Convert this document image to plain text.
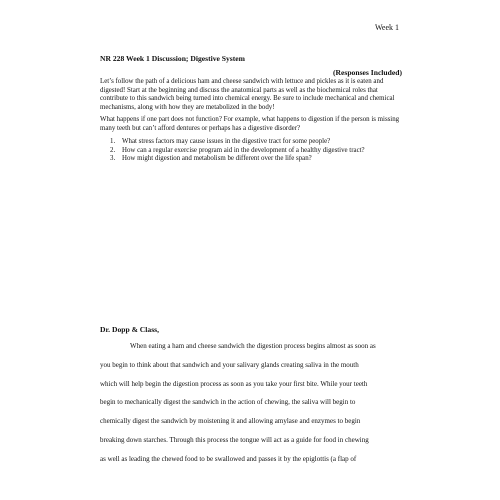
Week 1

NR 228 Week 1 Discussion; Digestive System

(Responses Included)

Let’s follow the path of a delicious ham and cheese sandwich with lettuce and pickles as it is eaten and digested! Start at the beginning and discuss the anatomical parts as well as the biochemical roles that contribute to this sandwich being turned into chemical energy. Be sure to include mechanical and chemical mechanisms, along with how they are metabolized in the body!

What happens if one part does not function? For example, what happens to digestion if the person is missing many teeth but can’t afford dentures or perhaps has a digestive disorder?

1. What stress factors may cause issues in the digestive tract for some people?
2. How can a regular exercise program aid in the development of a healthy digestive tract?
3. How might digestion and metabolism be different over the life span?

Dr. Dopp & Class,

When eating a ham and cheese sandwich the digestion process begins almost as soon as
you begin to think about that sandwich and your salivary glands creating saliva in the mouth
which will help begin the digestion process as soon as you take your first bite. While your teeth
begin to mechanically digest the sandwich in the action of chewing, the saliva will begin to
chemically digest the sandwich by moistening it and allowing amylase and enzymes to begin
breaking down starches. Through this process the tongue will act as a guide for food in chewing
as well as leading the chewed food to be swallowed and passes it by the epiglottis (a flap of
